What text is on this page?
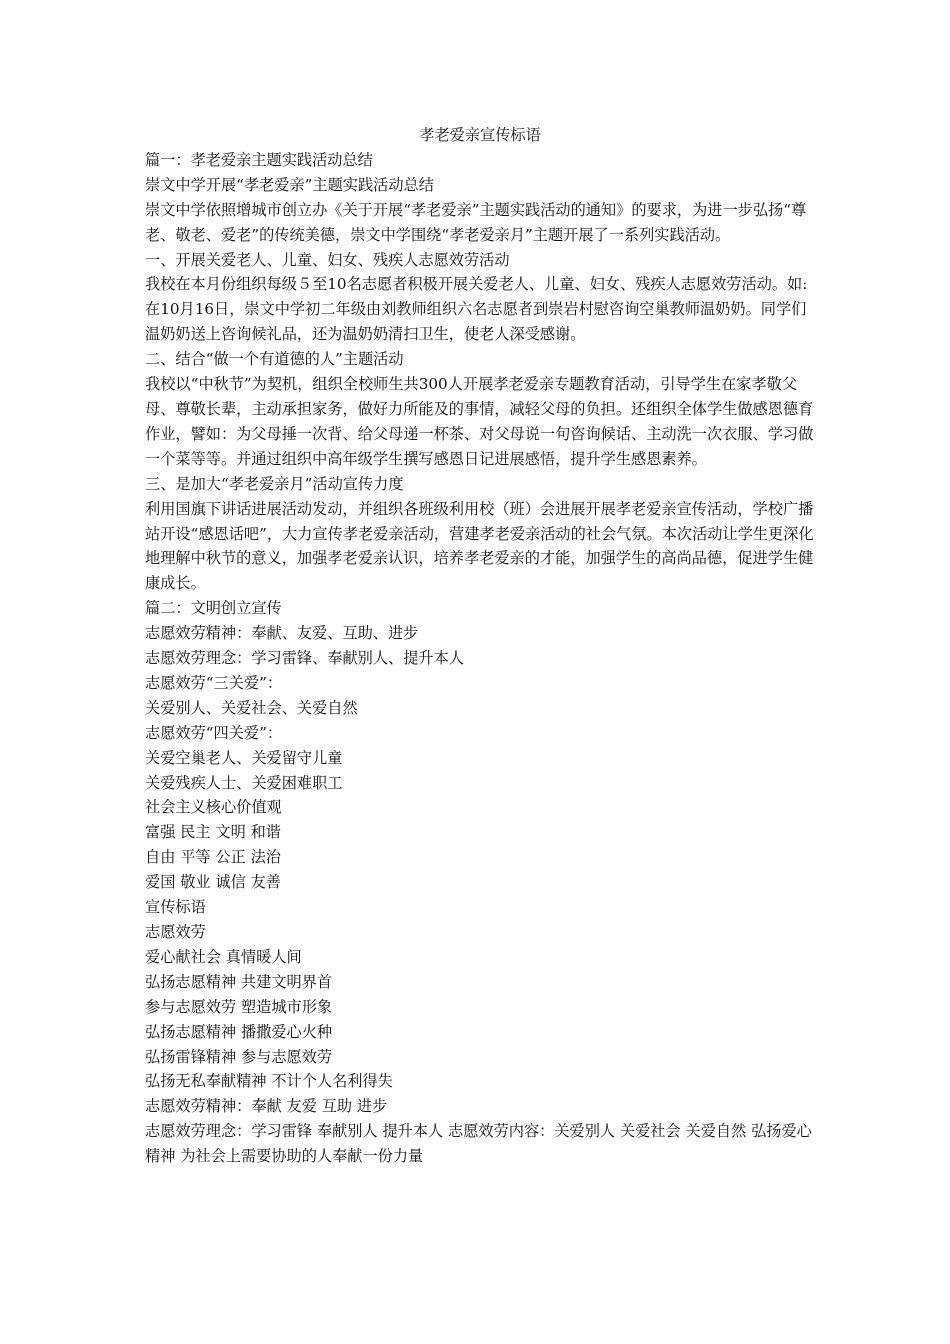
孝老爱亲宣传标语

篇一：孝老爱亲主题实践活动总结

崇文中学开展“孝老爱亲”主题实践活动总结

崇文中学依照增城市创立办《关于开展“孝老爱亲”主题实践活动的通知》的要求，为进一步弘扬“尊老、敬老、爱老”的传统美德，崇文中学围绕“孝老爱亲月”主题开展了一系列实践活动。

一、开展关爱老人、儿童、妇女、残疾人志愿效劳活动

我校在本月份组织每级５至10名志愿者积极开展关爱老人、儿童、妇女、残疾人志愿效劳活动。如:在10月16日，崇文中学初二年级由刘教师组织六名志愿者到崇岩村慰咨询空巢教师温奶奶。同学们温奶奶送上咨询候礼品，还为温奶奶清扫卫生，使老人深受感谢。

二、结合“做一个有道德的人”主题活动

我校以“中秋节”为契机，组织全校师生共300人开展孝老爱亲专题教育活动，引导学生在家孝敬父母、尊敬长辈，主动承担家务，做好力所能及的事情，减轻父母的负担。还组织全体学生做感恩德育作业，譬如：为父母捶一次背、给父母递一杯茶、对父母说一句咨询候话、主动洗一次衣服、学习做一个菜等等。并通过组织中高年级学生撰写感恩日记进展感悟，提升学生感恩素养。

三、是加大“孝老爱亲月”活动宣传力度

利用国旗下讲话进展活动发动，并组织各班级利用校（班）会进展开展孝老爱亲宣传活动，学校广播站开设“感恩话吧”，大力宣传孝老爱亲活动，营建孝老爱亲活动的社会气氛。本次活动让学生更深化地理解中秋节的意义，加强孝老爱亲认识，培养孝老爱亲的才能，加强学生的高尚品德，促进学生健康成长。

篇二：文明创立宣传

志愿效劳精神：奉献、友爱、互助、进步

志愿效劳理念：学习雷锋、奉献别人、提升本人

志愿效劳“三关爱”：

关爱别人、关爱社会、关爱自然

志愿效劳“四关爱”：

关爱空巢老人、关爱留守儿童

关爱残疾人士、关爱困难职工

社会主义核心价值观

富强 民主 文明 和谐

自由 平等 公正 法治

爱国 敬业 诚信 友善

宣传标语

志愿效劳

爱心献社会 真情暖人间

弘扬志愿精神 共建文明界首

参与志愿效劳 塑造城市形象

弘扬志愿精神 播撒爱心火种

弘扬雷锋精神 参与志愿效劳

弘扬无私奉献精神 不计个人名利得失

志愿效劳精神：奉献 友爱 互助 进步

志愿效劳理念：学习雷锋 奉献别人 提升本人 志愿效劳内容：关爱别人 关爱社会 关爱自然 弘扬爱心精神 为社会上需要协助的人奉献一份力量
